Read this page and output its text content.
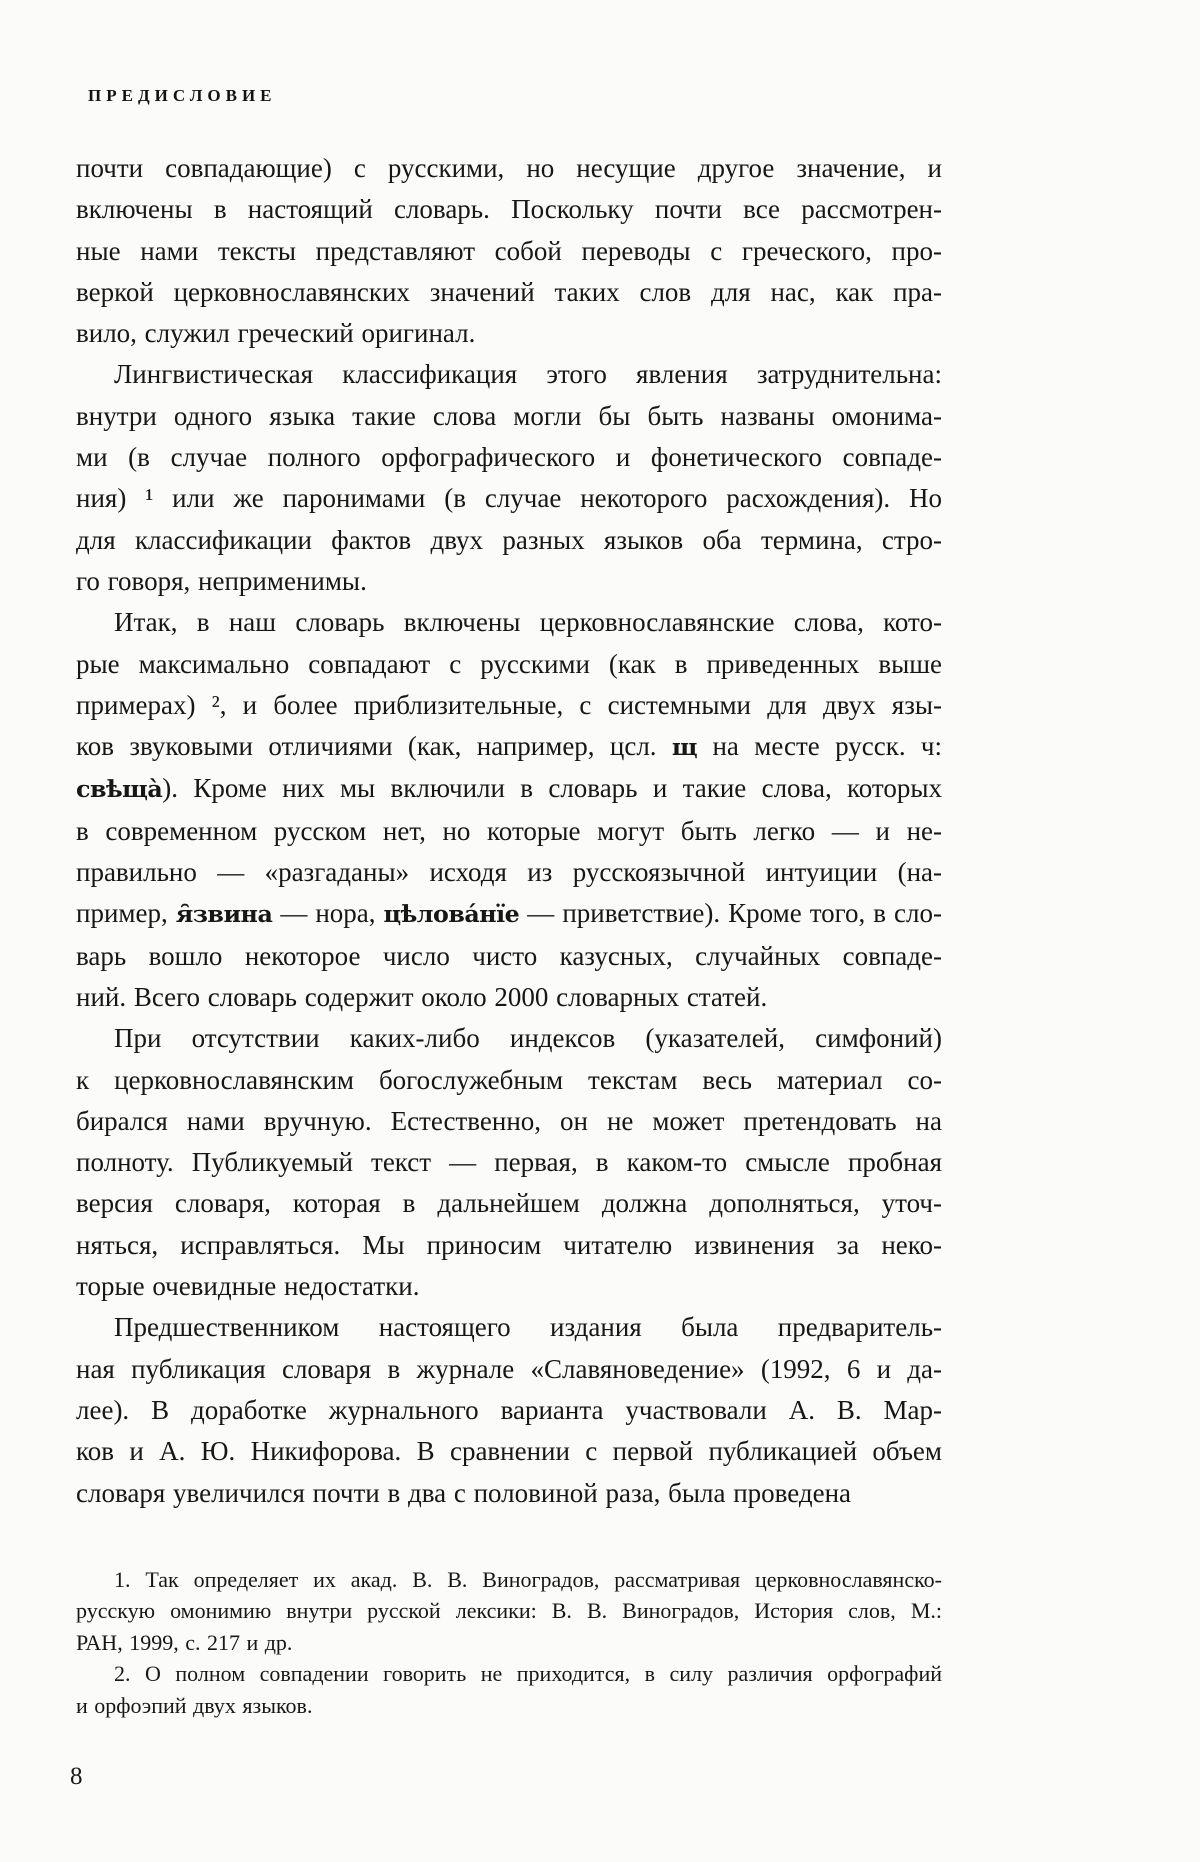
ПРЕДИСЛОВИЕ
почти совпадающие) с русскими, но несущие другое значение, и
включены в настоящий словарь. Поскольку почти все рассмотрен-
ные нами тексты представляют собой переводы с греческого, про-
веркой церковнославянских значений таких слов для нас, как пра-
вило, служил греческий оригинал.
Лингвистическая классификация этого явления затруднительна:
внутри одного языка такие слова могли бы быть названы омонима-
ми (в случае полного орфографического и фонетического совпаде-
ния) ¹ или же паронимами (в случае некоторого расхождения). Но
для классификации фактов двух разных языков оба термина, стро-
го говоря, неприменимы.
Итак, в наш словарь включены церковнославянские слова, кото-
рые максимально совпадают с русскими (как в приведенных выше
примерах) ², и более приблизительные, с системными для двух язы-
ков звуковыми отличиями (как, например, цсл. щ на месте русск. ч:
свѣща̀). Кроме них мы включили в словарь и такие слова, которых
в современном русском нет, но которые могут быть легко — и не-
правильно — «разгаданы» исходя из русскоязычной интуиции (на-
пример, я̑звина — нора, цѣлова́нїе — приветствие). Кроме того, в сло-
варь вошло некоторое число чисто казусных, случайных совпаде-
ний. Всего словарь содержит около 2000 словарных статей.
При отсутствии каких-либо индексов (указателей, симфоний)
к церковнославянским богослужебным текстам весь материал со-
бирался нами вручную. Естественно, он не может претендовать на
полноту. Публикуемый текст — первая, в каком-то смысле пробная
версия словаря, которая в дальнейшем должна дополняться, уточ-
няться, исправляться. Мы приносим читателю извинения за неко-
торые очевидные недостатки.
Предшественником настоящего издания была предваритель-
ная публикация словаря в журнале «Славяноведение» (1992, 6 и да-
лее). В доработке журнального варианта участвовали А. В. Мар-
ков и А. Ю. Никифорова. В сравнении с первой публикацией объем
словаря увеличился почти в два с половиной раза, была проведена
1. Так определяет их акад. В. В. Виноградов, рассматривая церковнославянско-
русскую омонимию внутри русской лексики: В. В. Виноградов, История слов, М.:
РАН, 1999, с. 217 и др.
2. О полном совпадении говорить не приходится, в силу различия орфографий
и орфоэпий двух языков.
8
